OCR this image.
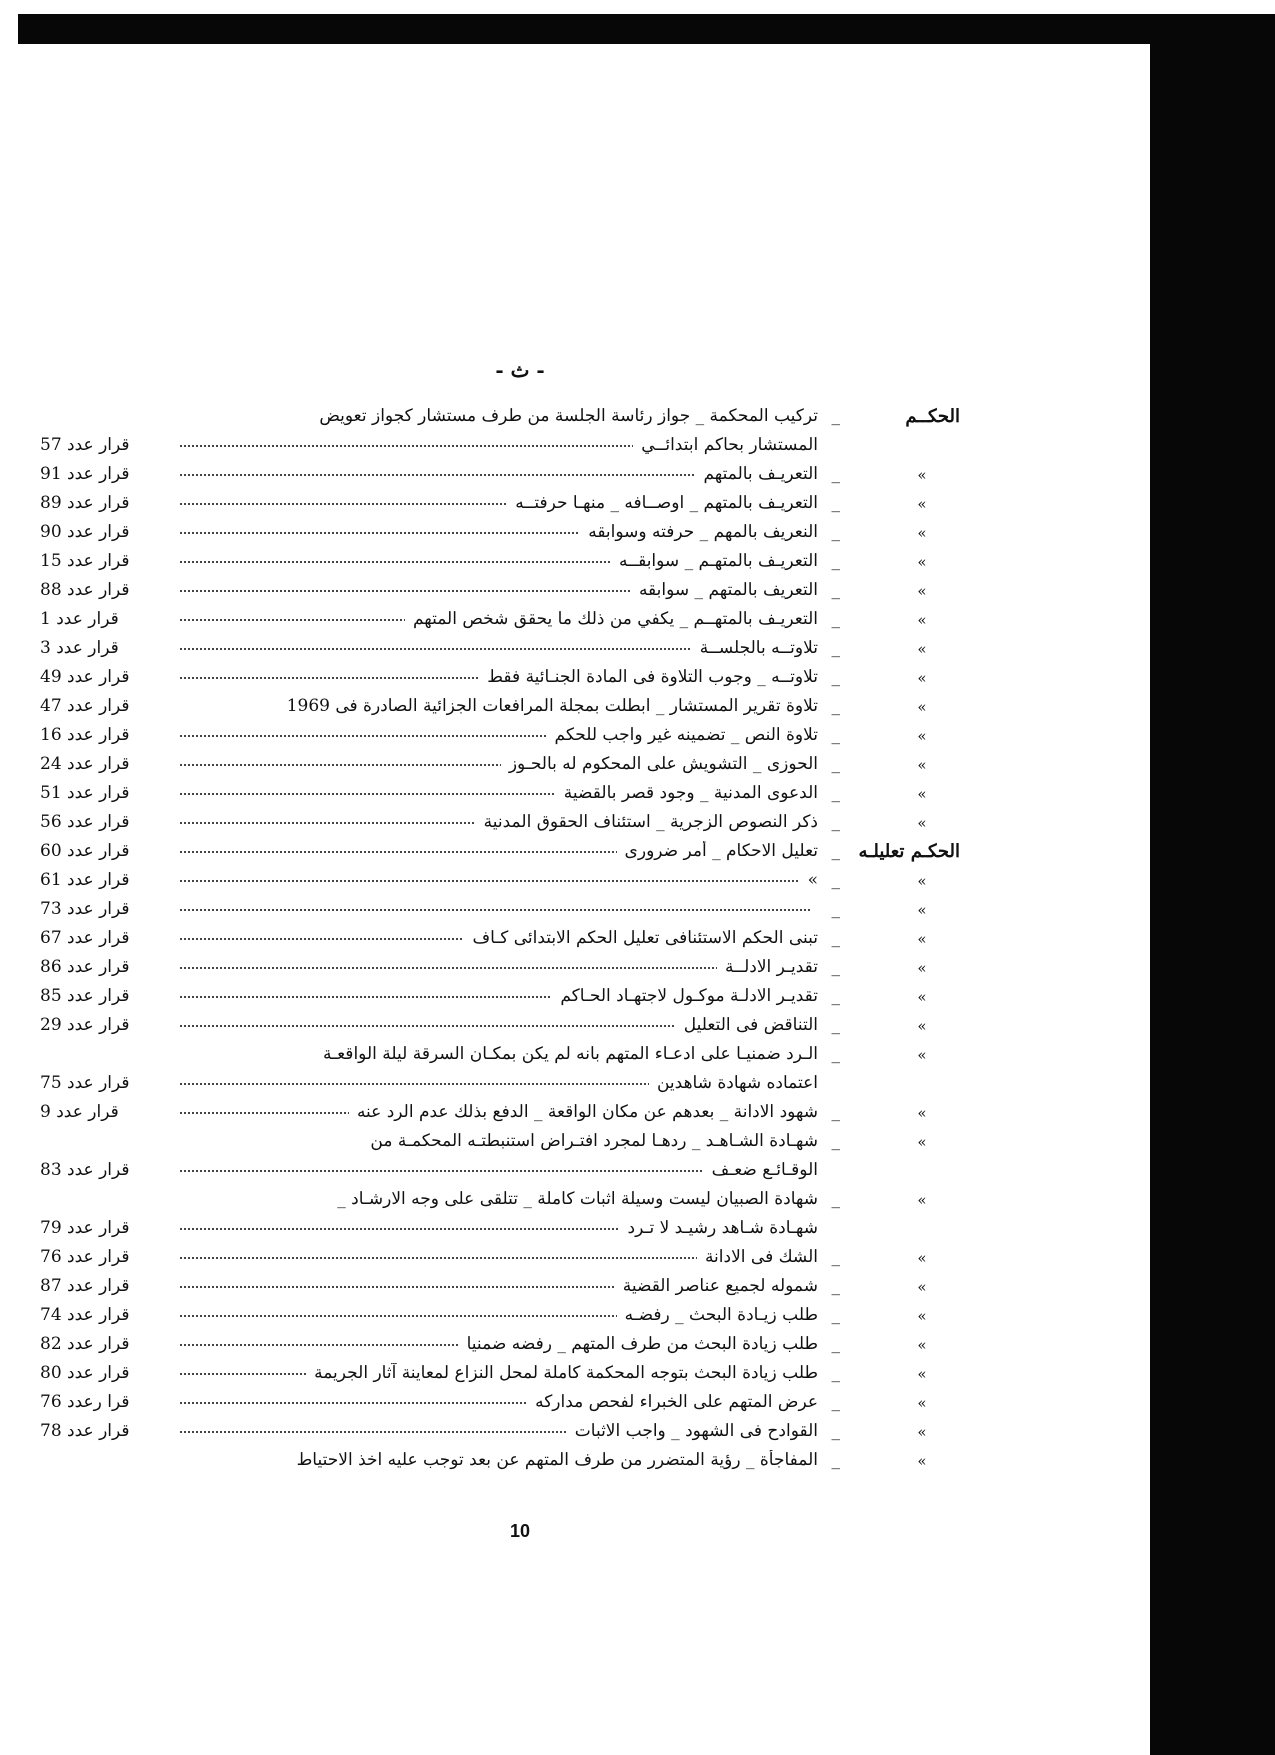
- ث -
الحكــم
_
تركيب المحكمة _ جواز رئاسة الجلسة من طرف مستشار كجواز تعويض
المستشار بحاكم ابتدائــي
57 قرار عدد
»
_
التعريـف بالمتهم
91 قرار عدد
»
_
التعريـف بالمتهم _ اوصــافه _ منهـا حرفتــه
89 قرار عدد
»
_
النعريف بالمهم _ حرفته وسوابقه
90 قرار عدد
»
_
التعريـف بالمتهـم _ سوابقــه
15 قرار عدد
»
_
التعريف بالمتهم _ سوابقه
88 قرار عدد
»
_
التعريـف بالمتهــم _ يكفي من ذلك ما يحقق شخص المتهم
1 قرار عدد
»
_
تلاوتــه بالجلســة
3 قرار عدد
»
_
تلاوتــه _ وجوب التلاوة فى المادة الجنـائية فقط
49 قرار عدد
»
_
تلاوة تقرير المستشار _ ابطلت بمجلة المرافعات الجزائية الصادرة فى 1969
47 قرار عدد
»
_
تلاوة النص _ تضمينه غير واجب للحكم
16 قرار عدد
»
_
الحوزى _ التشويش على المحكوم له بالحـوز
24 قرار عدد
»
_
الدعوى المدنية _ وجود قصر بالقضية
51 قرار عدد
»
_
ذكر النصوص الزجرية _ استئناف الحقوق المدنية
56 قرار عدد
الحكـم تعليلـه
_
تعليل الاحكام _ أمر ضرورى
60 قرار عدد
»
_
»
61 قرار عدد
»
_
73 قرار عدد
»
_
تبنى الحكم الاستئنافى تعليل الحكم الابتدائى كـاف
67 قرار عدد
»
_
تقديـر الادلــة
86 قرار عدد
»
_
تقديـر الادلـة موكـول لاجتهـاد الحـاكم
85 قرار عدد
»
_
التناقض فى التعليل
29 قرار عدد
»
_
الـرد ضمنيـا على ادعـاء المتهم بانه لم يكن بمكـان السرقة ليلة الواقعـة
اعتماده شهادة شاهدين
75 قرار عدد
»
_
شهود الادانة _ بعدهم عن مكان الواقعة _ الدفع بذلك عدم الرد عنه
9 قرار عدد
»
_
شهـادة الشـاهـد _ ردهـا لمجرد افتـراض استنبطتـه المحكمـة من
الوقـائـع ضعـف
83 قرار عدد
»
_
شهادة الصبيان ليست وسيلة اثبات كاملة _ تتلقى على وجه الارشـاد _
شهـادة شـاهد رشيـد لا تـرد
79 قرار عدد
»
_
الشك فى الادانة
76 قرار عدد
»
_
شموله لجميع عناصر القضية
87 قرار عدد
»
_
طلب زيـادة البحث _ رفضـه
74 قرار عدد
»
_
طلب زيادة البحث من طرف المتهم _ رفضه ضمنيا
82 قرار عدد
»
_
طلب زيادة البحث بتوجه المحكمة كاملة لمحل النزاع لمعاينة آثار الجريمة
80 قرار عدد
»
_
عرض المتهم على الخبراء لفحص مداركه
76 قرا رعدد
»
_
القوادح فى الشهود _ واجب الاثبات
78 قرار عدد
»
_
المفاجأة _ رؤية المتضرر من طرف المتهم عن بعد توجب عليه اخذ الاحتياط
10
